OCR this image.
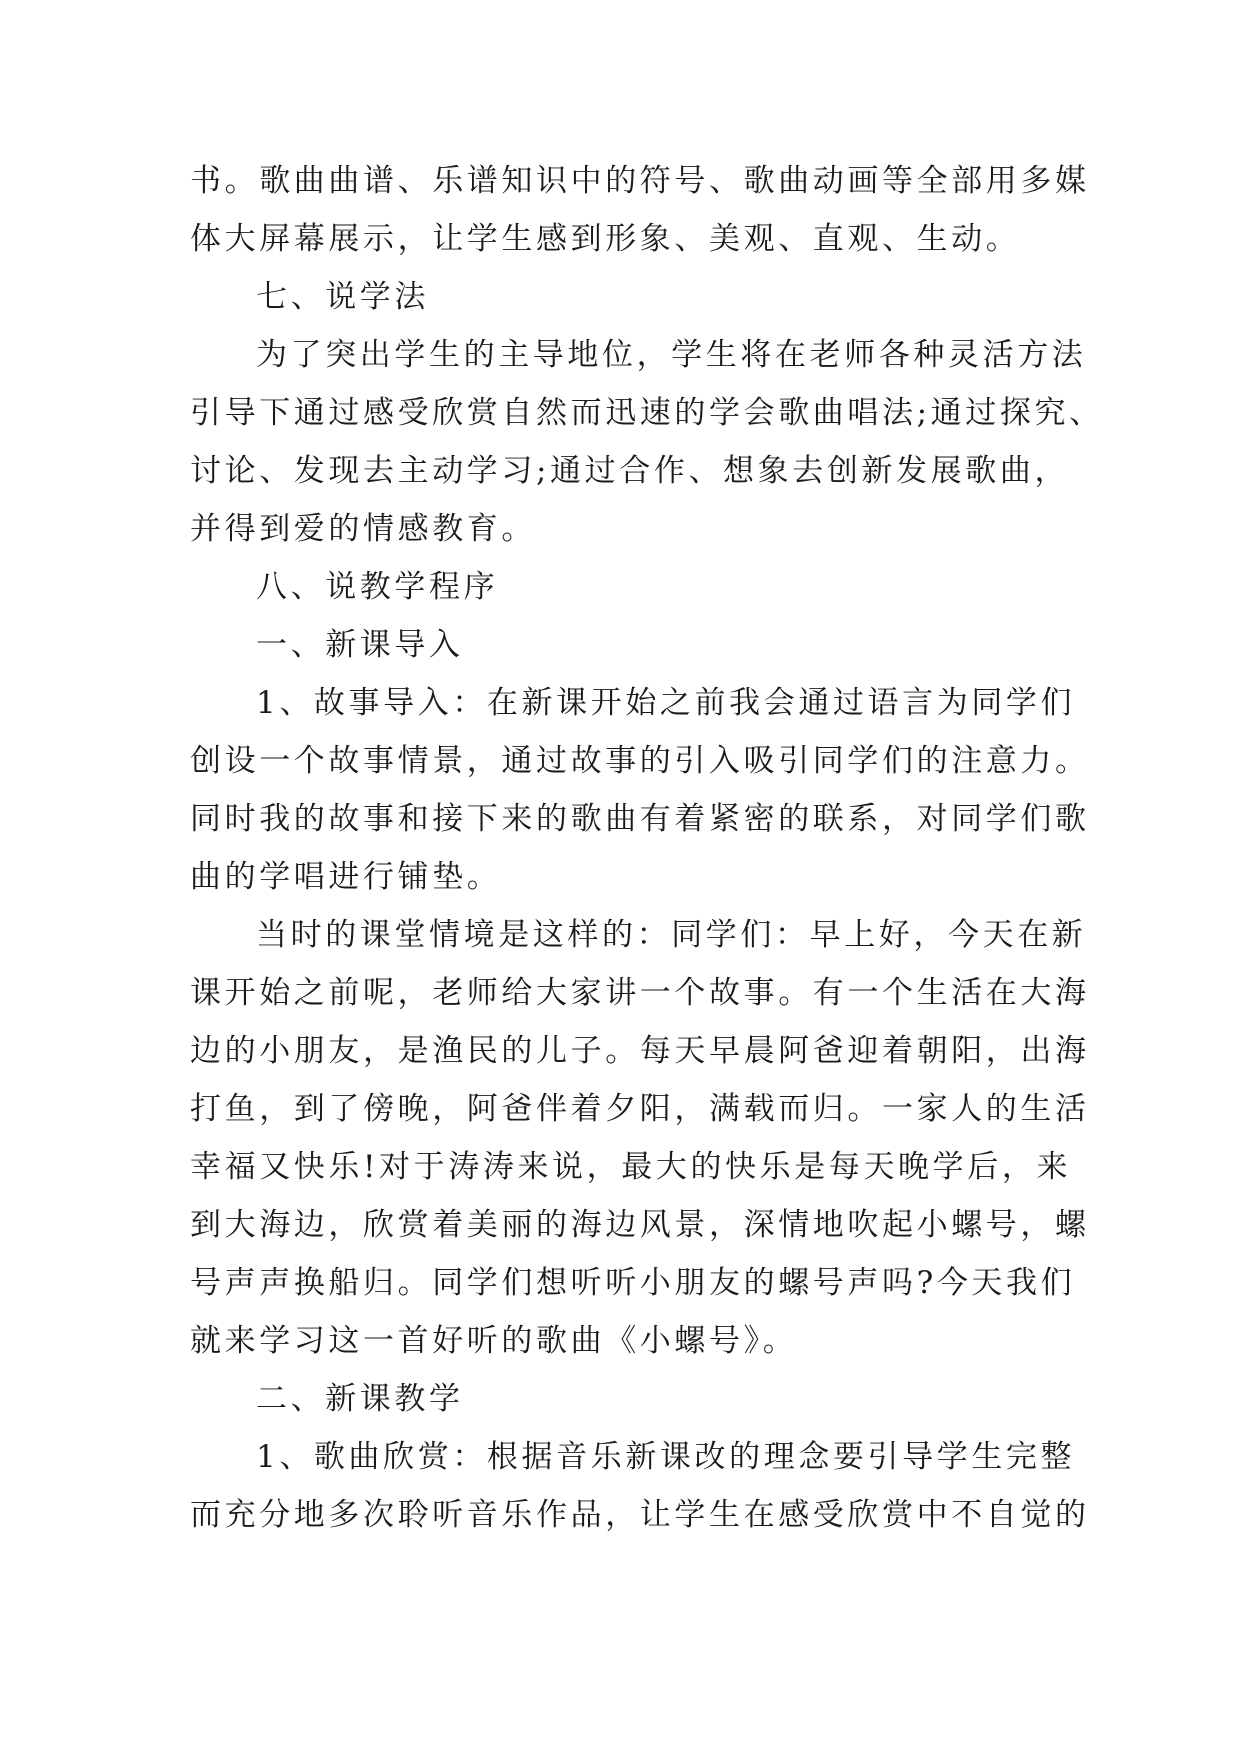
书。歌曲曲谱、乐谱知识中的符号、歌曲动画等全部用多媒
体大屏幕展示，让学生感到形象、美观、直观、生动。
七、说学法
为了突出学生的主导地位，学生将在老师各种灵活方法
引导下通过感受欣赏自然而迅速的学会歌曲唱法;通过探究、
讨论、发现去主动学习;通过合作、想象去创新发展歌曲，
并得到爱的情感教育。
八、说教学程序
一、新课导入
1、故事导入：在新课开始之前我会通过语言为同学们
创设一个故事情景，通过故事的引入吸引同学们的注意力。
同时我的故事和接下来的歌曲有着紧密的联系，对同学们歌
曲的学唱进行铺垫。
当时的课堂情境是这样的：同学们：早上好，今天在新
课开始之前呢，老师给大家讲一个故事。有一个生活在大海
边的小朋友，是渔民的儿子。每天早晨阿爸迎着朝阳，出海
打鱼，到了傍晚，阿爸伴着夕阳，满载而归。一家人的生活
幸福又快乐!对于涛涛来说，最大的快乐是每天晚学后，来
到大海边，欣赏着美丽的海边风景，深情地吹起小螺号，螺
号声声换船归。同学们想听听小朋友的螺号声吗?今天我们
就来学习这一首好听的歌曲《小螺号》。
二、新课教学
1、歌曲欣赏：根据音乐新课改的理念要引导学生完整
而充分地多次聆听音乐作品，让学生在感受欣赏中不自觉的
